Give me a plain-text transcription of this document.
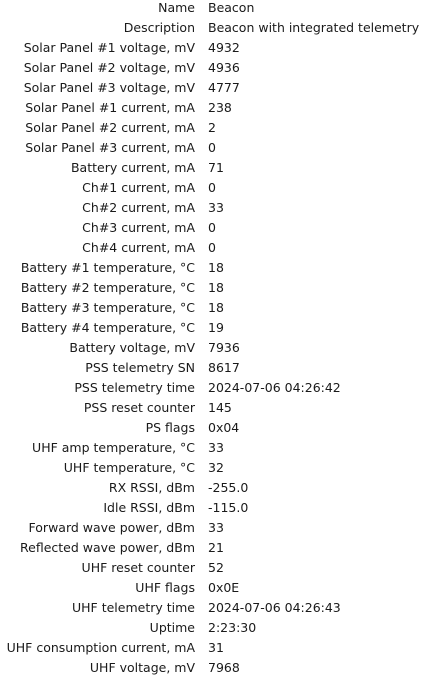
Name	Beacon
Description	Beacon with integrated telemetry
Solar Panel #1 voltage, mV	4932
Solar Panel #2 voltage, mV	4936
Solar Panel #3 voltage, mV	4777
Solar Panel #1 current, mA	238
Solar Panel #2 current, mA	2
Solar Panel #3 current, mA	0
Battery current, mA	71
Ch#1 current, mA	0
Ch#2 current, mA	33
Ch#3 current, mA	0
Ch#4 current, mA	0
Battery #1 temperature, °C	18
Battery #2 temperature, °C	18
Battery #3 temperature, °C	18
Battery #4 temperature, °C	19
Battery voltage, mV	7936
PSS telemetry SN	8617
PSS telemetry time	2024-07-06 04:26:42
PSS reset counter	145
PS flags	0x04
UHF amp temperature, °C	33
UHF temperature, °C	32
RX RSSI, dBm	-255.0
Idle RSSI, dBm	-115.0
Forward wave power, dBm	33
Reflected wave power, dBm	21
UHF reset counter	52
UHF flags	0x0E
UHF telemetry time	2024-07-06 04:26:43
Uptime	2:23:30
UHF consumption current, mA	31
UHF voltage, mV	7968
